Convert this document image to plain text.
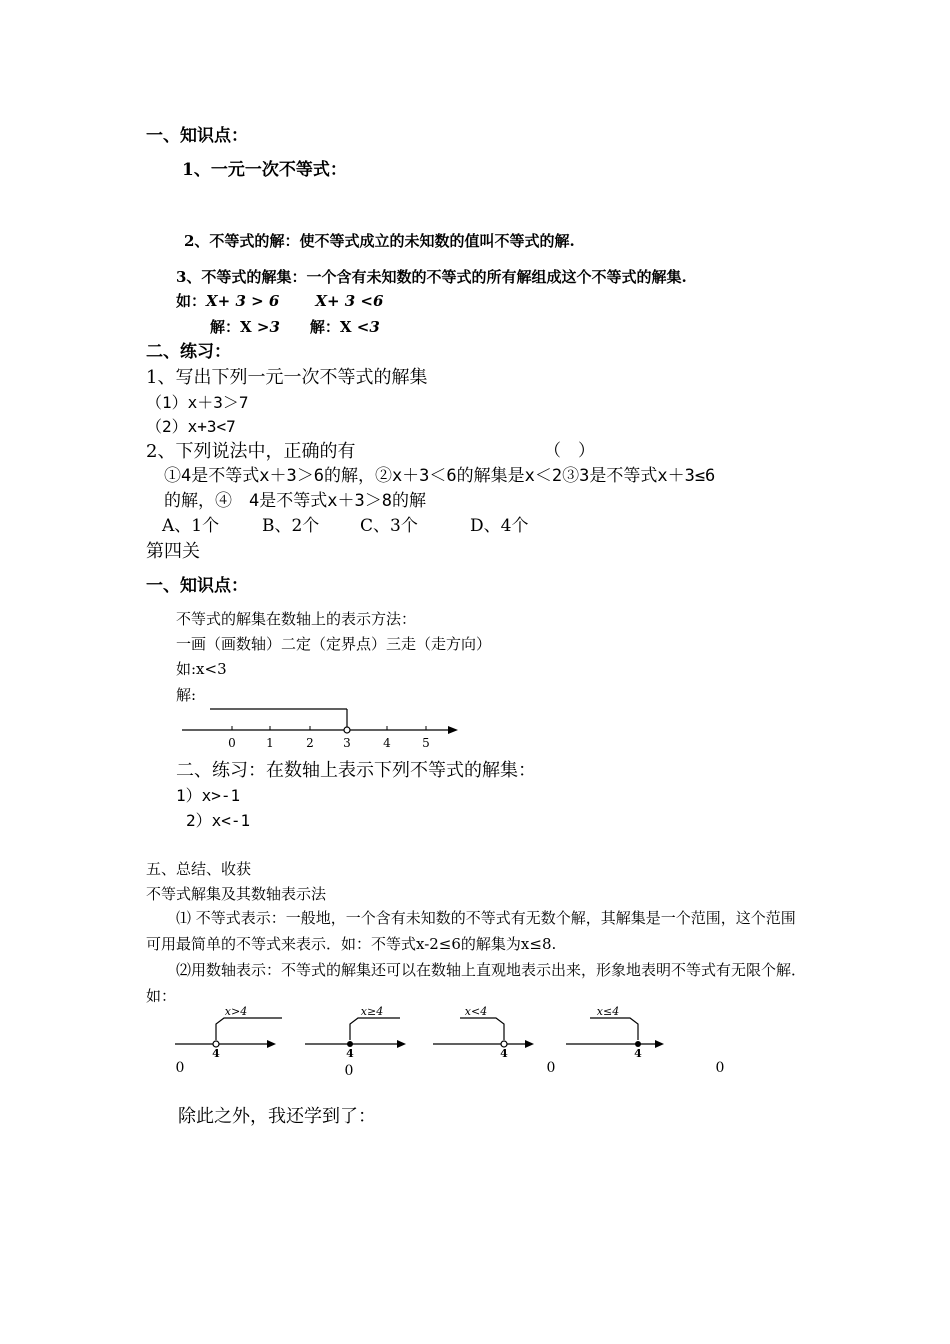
一、知识点：
1、一元一次不等式：
2、不等式的解：使不等式成立的未知数的值叫不等式的解.
3、不等式的解集：一个含有未知数的不等式的所有解组成这个不等式的解集.
如：X+ 3 > 6 X+ 3 <6
解：X >3 解：X <3
二、练习：
1、写出下列一元一次不等式的解集
（1）x＋3＞7
（2）x+3<7
2、下列说法中，正确的有	（　）
①4是不等式x＋3＞6的解，②x＋3＜6的解集是x＜2③3是不等式x＋3≤6
的解，④　4是不等式x＋3＞8的解
A、1个	B、2个 C、3个	D、4个
第四关
一、知识点：
不等式的解集在数轴上的表示方法：
一画（画数轴）二定（定界点）三走（走方向）
如:x<3
解:
0	1	2 3	4	5
二、练习：在数轴上表示下列不等式的解集：
1）x>-1
2）x<-1
五、总结、收获
不等式解集及其数轴表示法
⑴ 不等式表示：一般地，一个含有未知数的不等式有无数个解，其解集是一个范围，这个范围可用最简单的不等式来表示．如：不等式x-2≤6的解集为x≤8.
⑵用数轴表示：不等式的解集还可以在数轴上直观地表示出来，形象地表明不等式有无限个解．如：
x>4	x≥4	x<4	x≤4
4	4	4	4
0	0	0	0
除此之外，我还学到了：
